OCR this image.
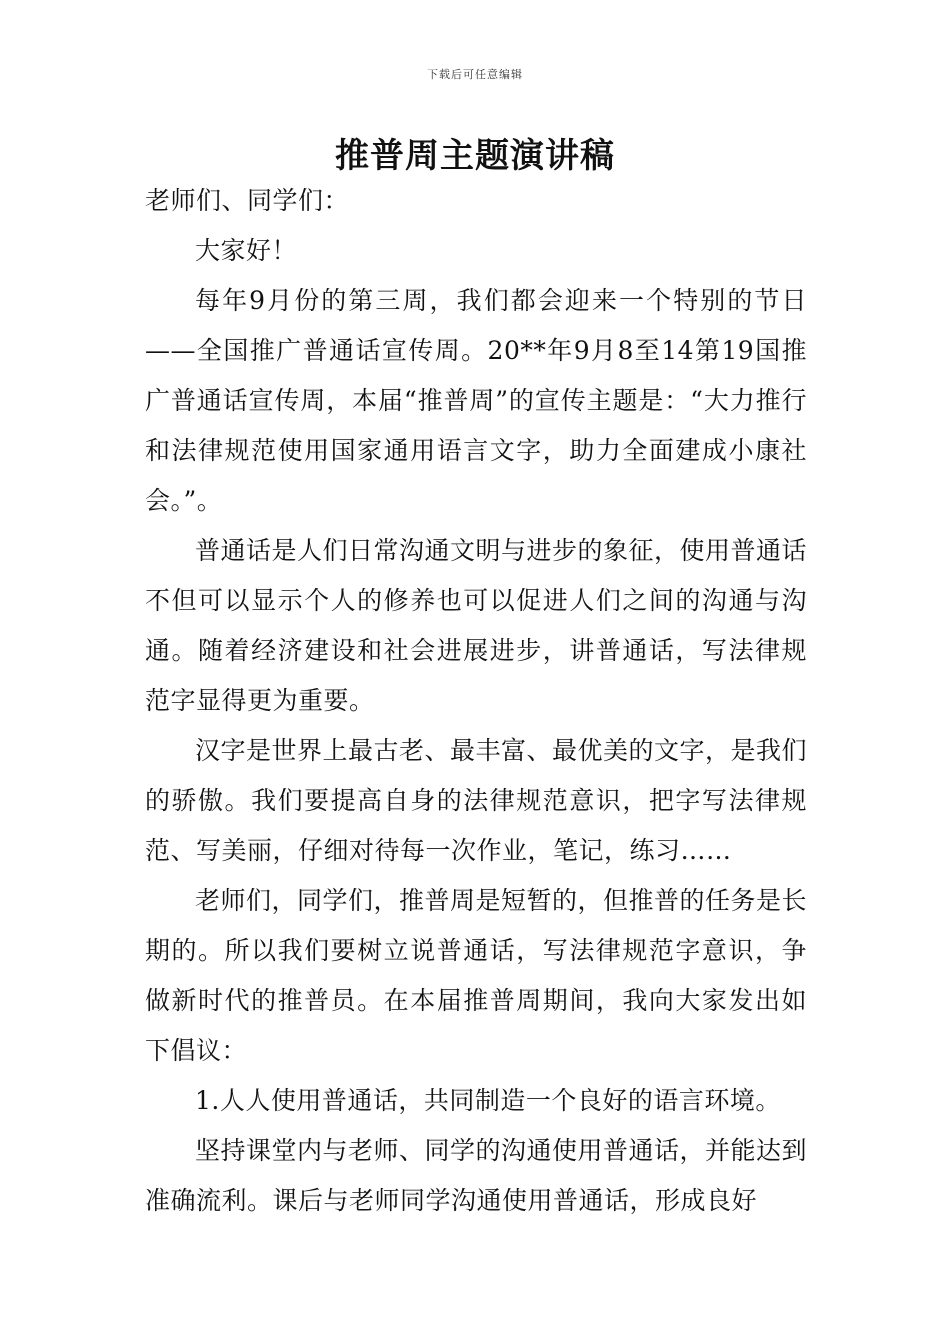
下载后可任意编辑
推普周主题演讲稿

老师们、同学们：

大家好！

每年9月份的第三周，我们都会迎来一个特别的节日——全国推广普通话宣传周。20**年9月8至14第19国推广普通话宣传周，本届“推普周”的宣传主题是：“大力推行和法律规范使用国家通用语言文字，助力全面建成小康社会。”。

普通话是人们日常沟通文明与进步的象征，使用普通话不但可以显示个人的修养也可以促进人们之间的沟通与沟通。随着经济建设和社会进展进步，讲普通话，写法律规范字显得更为重要。

汉字是世界上最古老、最丰富、最优美的文字，是我们的骄傲。我们要提高自身的法律规范意识，把字写法律规范、写美丽，仔细对待每一次作业，笔记，练习……

老师们，同学们，推普周是短暂的，但推普的任务是长期的。所以我们要树立说普通话，写法律规范字意识，争做新时代的推普员。在本届推普周期间，我向大家发出如下倡议：

1.人人使用普通话，共同制造一个良好的语言环境。

坚持课堂内与老师、同学的沟通使用普通话，并能达到准确流利。课后与老师同学沟通使用普通话，形成良好
